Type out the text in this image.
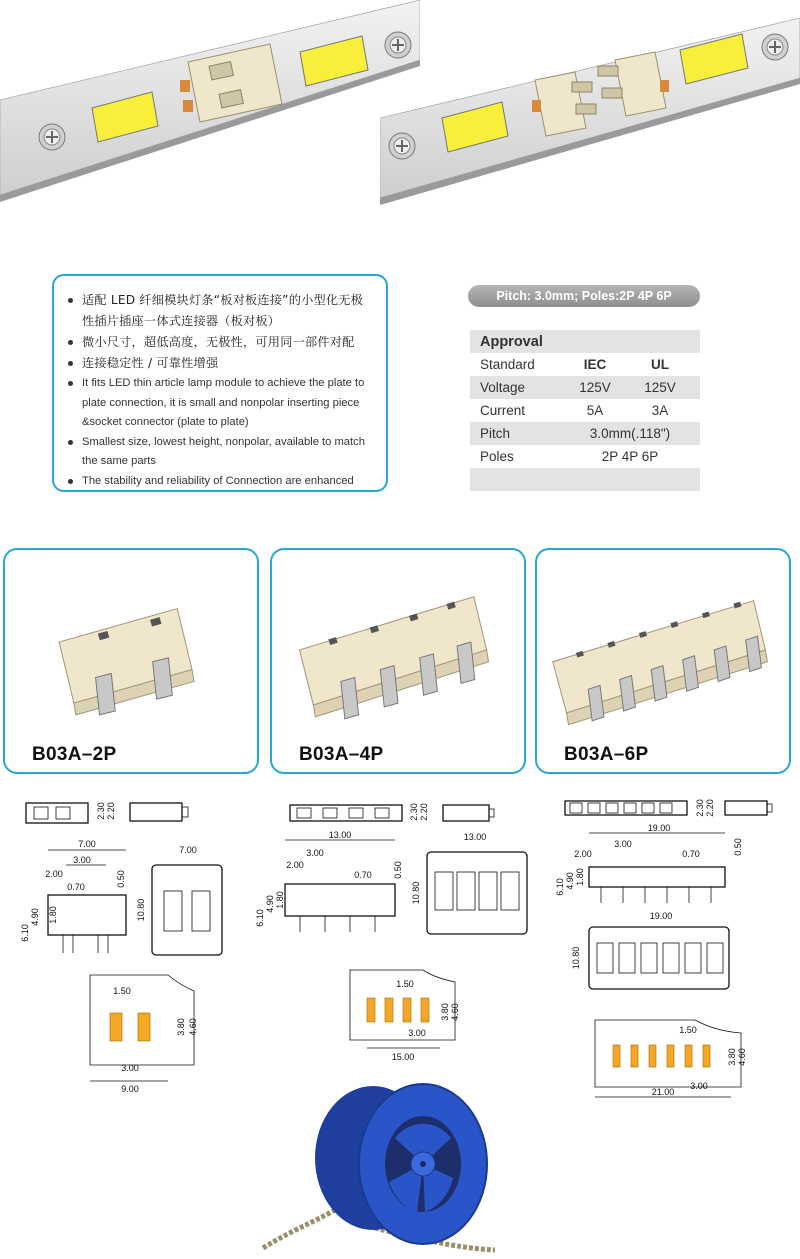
适配 LED 纤细模块灯条“板对板连接”的小型化无极性插片插座一体式连接器（板对板）
微小尺寸，超低高度，无极性，可用同一部件对配
连接稳定性 / 可靠性增强
It fits LED thin article lamp module to achieve the plate to plate connection, it is small and nonpolar inserting piece &socket connector (plate to plate)
Smallest size, lowest height, nonpolar, available to match the same parts
The stability and reliability of Connection are enhanced
Pitch: 3.0mm; Poles:2P 4P 6P
Approval
Standard	IEC	UL
Voltage	125V	125V
Current	5A	3A
Pitch	3.0mm(.118")
Poles	2P 4P 6P
B03A–2P	B03A–4P	B03A–6P
2.30 2.20
7.00
3.00
2.00
0.70	0.50
6.10
4.90 1.80
7.00
10.80
1.50
3.80 4.60
3.00
9.00
2.30 2.20
13.00
3.00
2.00
0.70 0.50
6.10
4.90 1.80
13.00
10.80
1.50
3.80 4.60
3.00
15.00
2.30 2.20
19.00
3.00
2.00	0.70	0.50
6.10 4.90 1.80
19.00
10.80
1.50
3.80 4.60
3.00
21.00
